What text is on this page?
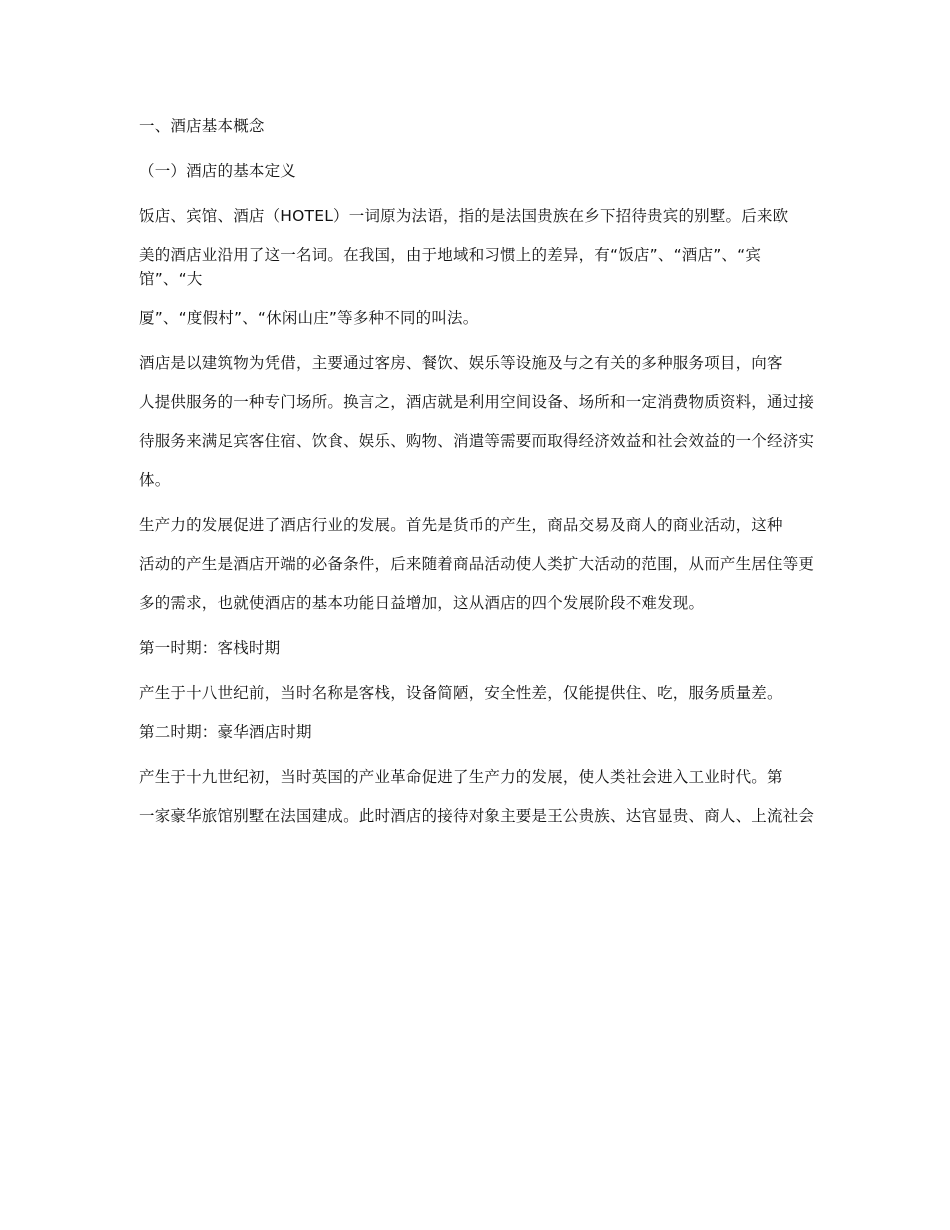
一、酒店基本概念

（一）酒店的基本定义

饭店、宾馆、酒店（HOTEL）一词原为法语，指的是法国贵族在乡下招待贵宾的别墅。后来欧

美的酒店业沿用了这一名词。在我国，由于地域和习惯上的差异，有“饭店”、“酒店”、“宾馆”、“大

厦”、“度假村”、“休闲山庄”等多种不同的叫法。

酒店是以建筑物为凭借，主要通过客房、餐饮、娱乐等设施及与之有关的多种服务项目，向客

人提供服务的一种专门场所。换言之，酒店就是利用空间设备、场所和一定消费物质资料，通过接

待服务来满足宾客住宿、饮食、娱乐、购物、消遣等需要而取得经济效益和社会效益的一个经济实

体。

生产力的发展促进了酒店行业的发展。首先是货币的产生，商品交易及商人的商业活动，这种

活动的产生是酒店开端的必备条件，后来随着商品活动使人类扩大活动的范围，从而产生居住等更

多的需求，也就使酒店的基本功能日益增加，这从酒店的四个发展阶段不难发现。

第一时期：客栈时期

产生于十八世纪前，当时名称是客栈，设备简陋，安全性差，仅能提供住、吃，服务质量差。

第二时期：豪华酒店时期

产生于十九世纪初，当时英国的产业革命促进了生产力的发展，使人类社会进入工业时代。第

一家豪华旅馆别墅在法国建成。此时酒店的接待对象主要是王公贵族、达官显贵、商人、上流社会
